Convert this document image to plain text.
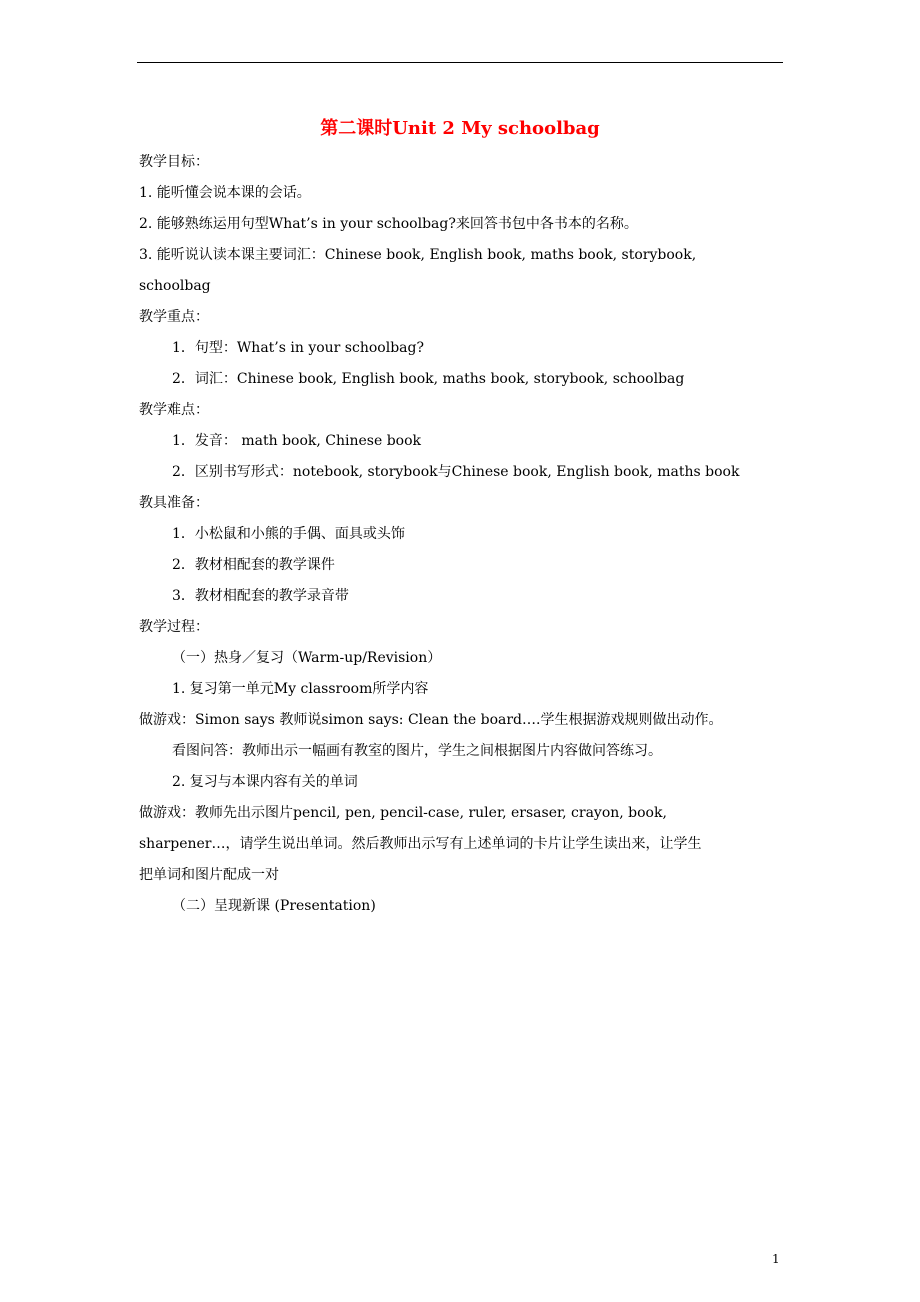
第二课时Unit 2 My schoolbag
教学目标：
1. 能听懂会说本课的会话。
2. 能够熟练运用句型What’s in your schoolbag?来回答书包中各书本的名称。
3. 能听说认读本课主要词汇：Chinese book, English book, maths book, storybook,
schoolbag
教学重点：
1．句型：What’s in your schoolbag?
2．词汇：Chinese book, English book, maths book, storybook, schoolbag
教学难点：
1．发音： math book, Chinese book
2．区别书写形式：notebook, storybook与Chinese book, English book, maths book
教具准备：
1．小松鼠和小熊的手偶、面具或头饰
2．教材相配套的教学课件
3．教材相配套的教学录音带
教学过程：
（一）热身／复习（Warm-up/Revision）
1. 复习第一单元My classroom所学内容
做游戏：Simon says 教师说simon says: Clean the board….学生根据游戏规则做出动作。
看图问答：教师出示一幅画有教室的图片，学生之间根据图片内容做问答练习。
2. 复习与本课内容有关的单词
做游戏：教师先出示图片pencil, pen, pencil-case, ruler, ersaser, crayon, book,
sharpener…，请学生说出单词。然后教师出示写有上述单词的卡片让学生读出来，让学生
把单词和图片配成一对
（二）呈现新课 (Presentation)
1
